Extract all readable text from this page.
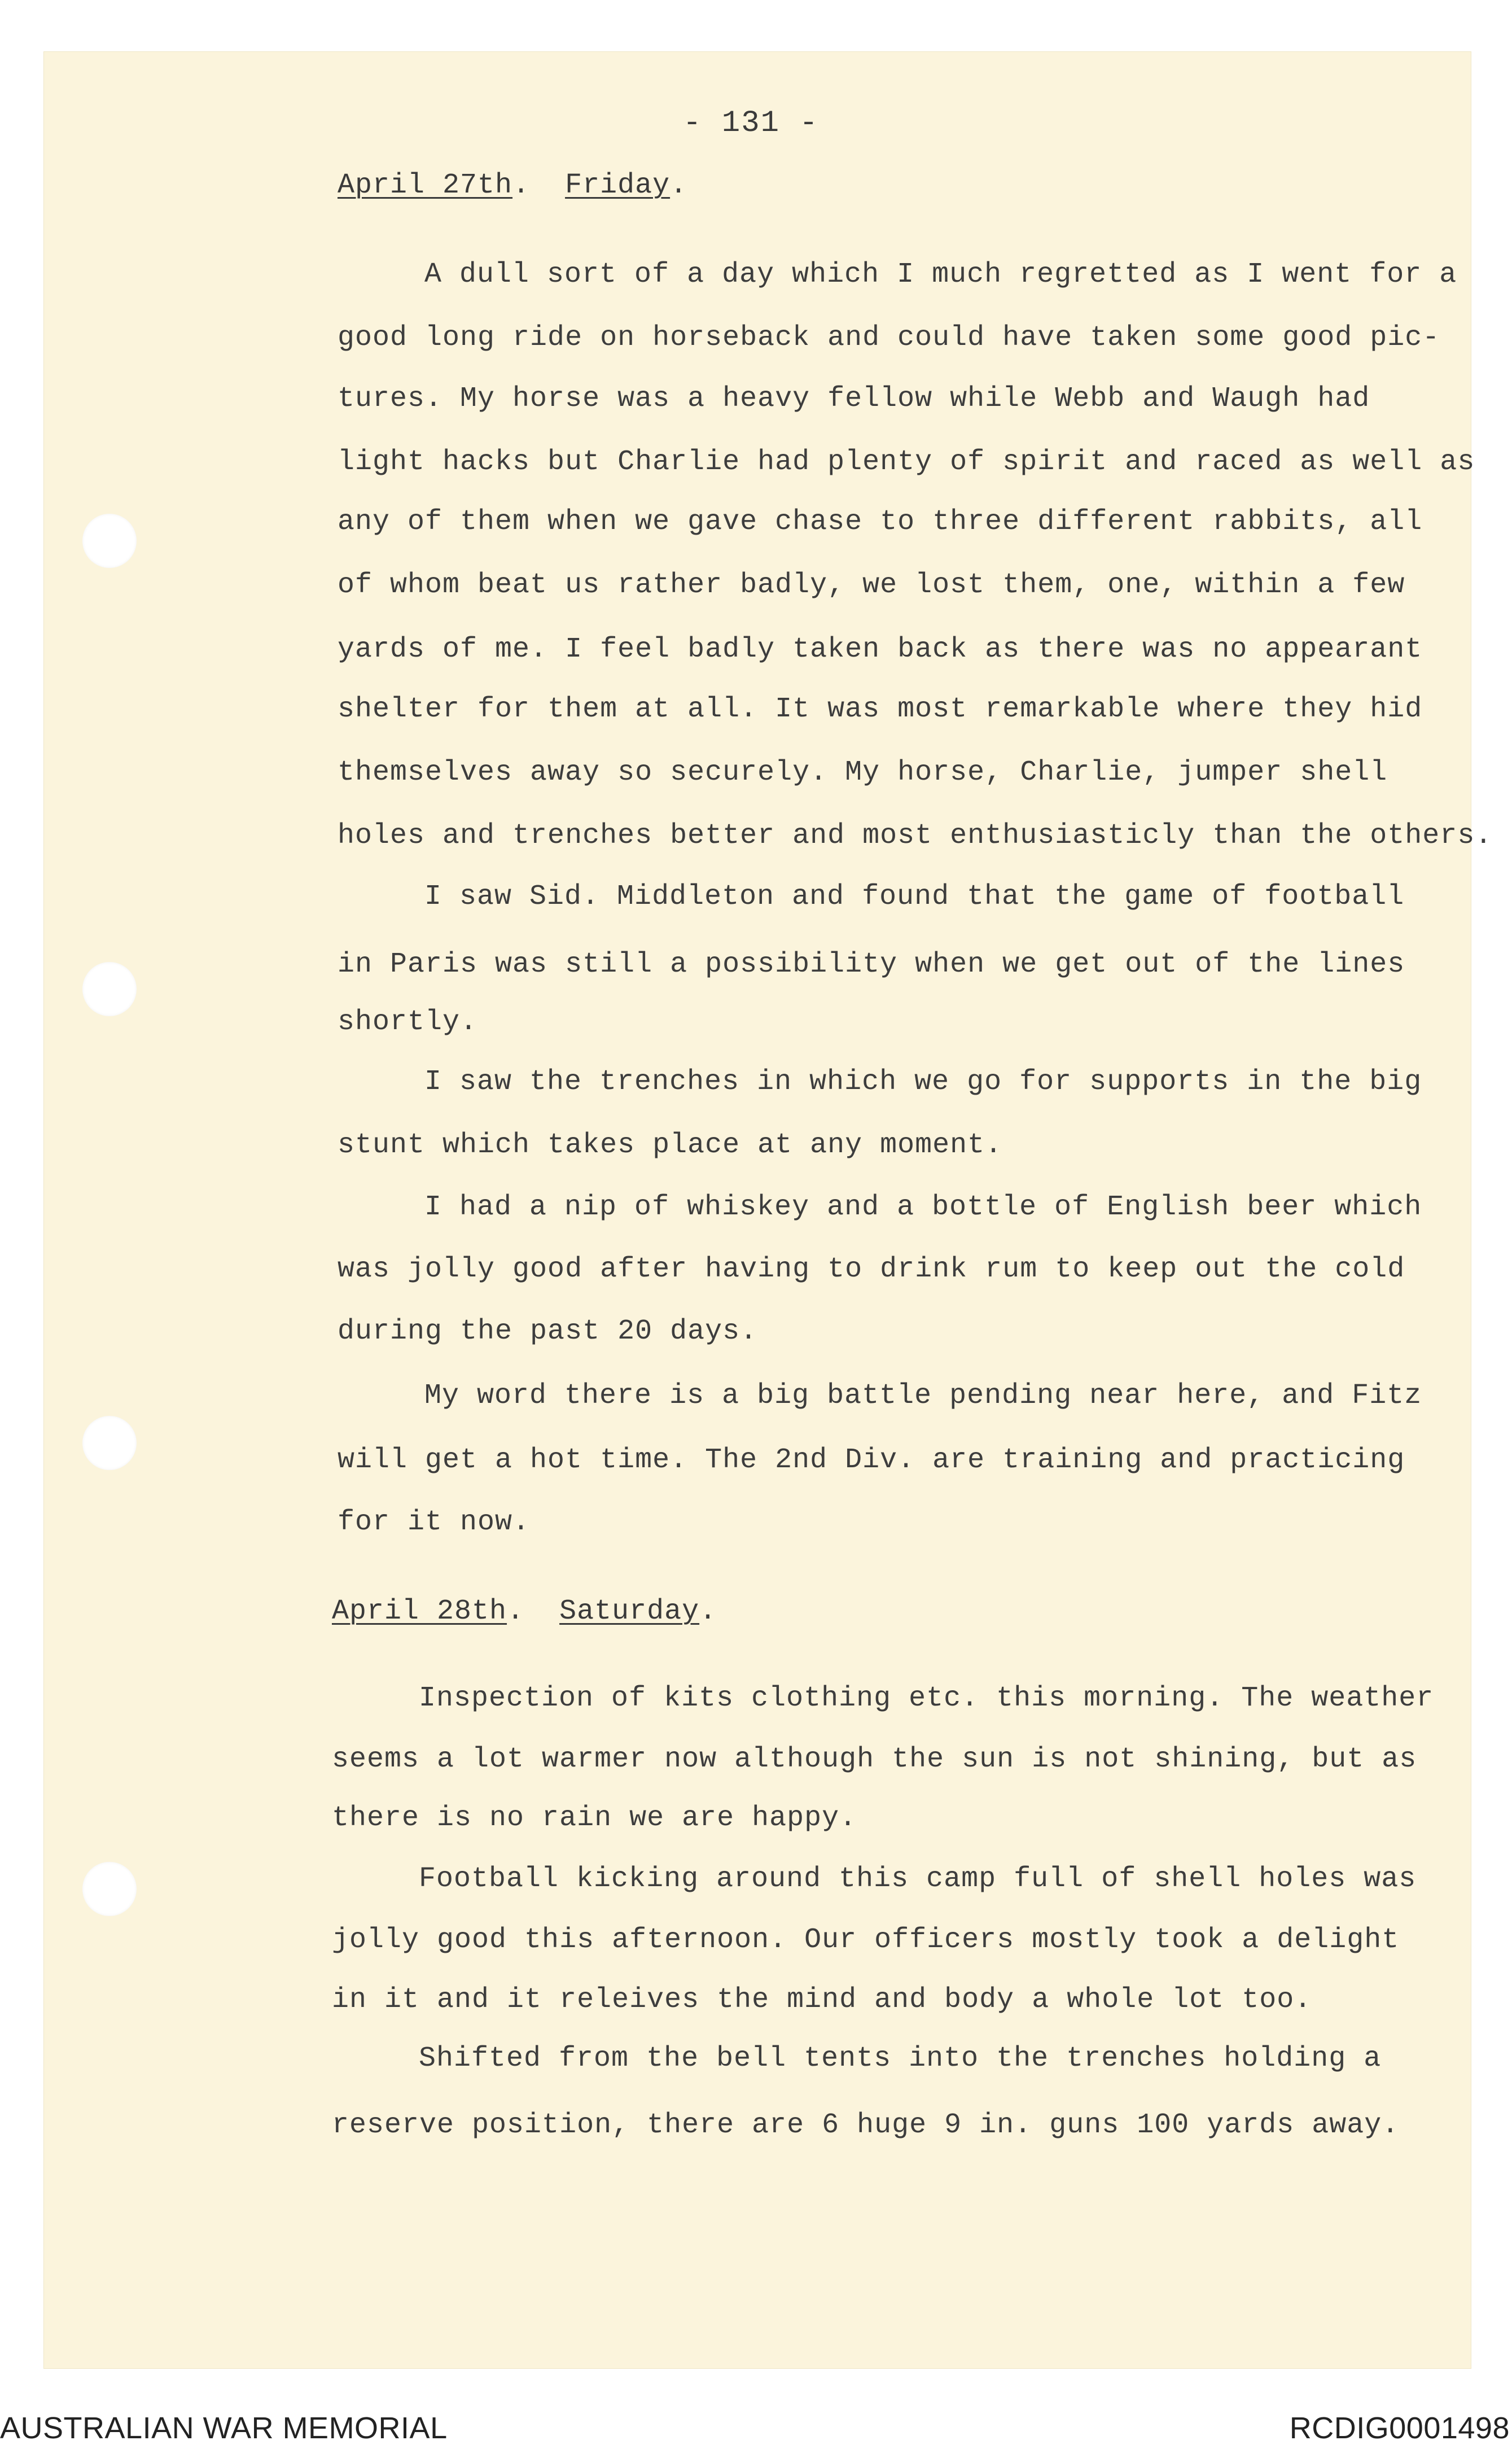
- 131 -
April 27th.  Friday.
A dull sort of a day which I much regretted as I went for a
good long ride on horseback and could have taken some good pic-
tures. My horse was a heavy fellow while Webb and Waugh had
light hacks but Charlie had plenty of spirit and raced as well as
any of them when we gave chase to three different rabbits, all
of whom beat us rather badly, we lost them, one, within a few
yards of me. I feel badly taken back as there was no appearant
shelter for them at all. It was most remarkable where they hid
themselves away so securely. My horse, Charlie, jumper shell
holes and trenches better and most enthusiasticly than the others.
I saw Sid. Middleton and found that the game of football
in Paris was still a possibility when we get out of the lines
shortly.
I saw the trenches in which we go for supports in the big
stunt which takes place at any moment.
I had a nip of whiskey and a bottle of English beer which
was jolly good after having to drink rum to keep out the cold
during the past 20 days.
My word there is a big battle pending near here, and Fitz
will get a hot time. The 2nd Div. are training and practicing
for it now.
April 28th.  Saturday.
Inspection of kits clothing etc. this morning. The weather
seems a lot warmer now although the sun is not shining, but as
there is no rain we are happy.
Football kicking around this camp full of shell holes was
jolly good this afternoon. Our officers mostly took a delight
in it and it releives the mind and body a whole lot too.
Shifted from the bell tents into the trenches holding a
reserve position, there are 6 huge 9 in. guns 100 yards away.
AUSTRALIAN WAR MEMORIAL	RCDIG0001498
